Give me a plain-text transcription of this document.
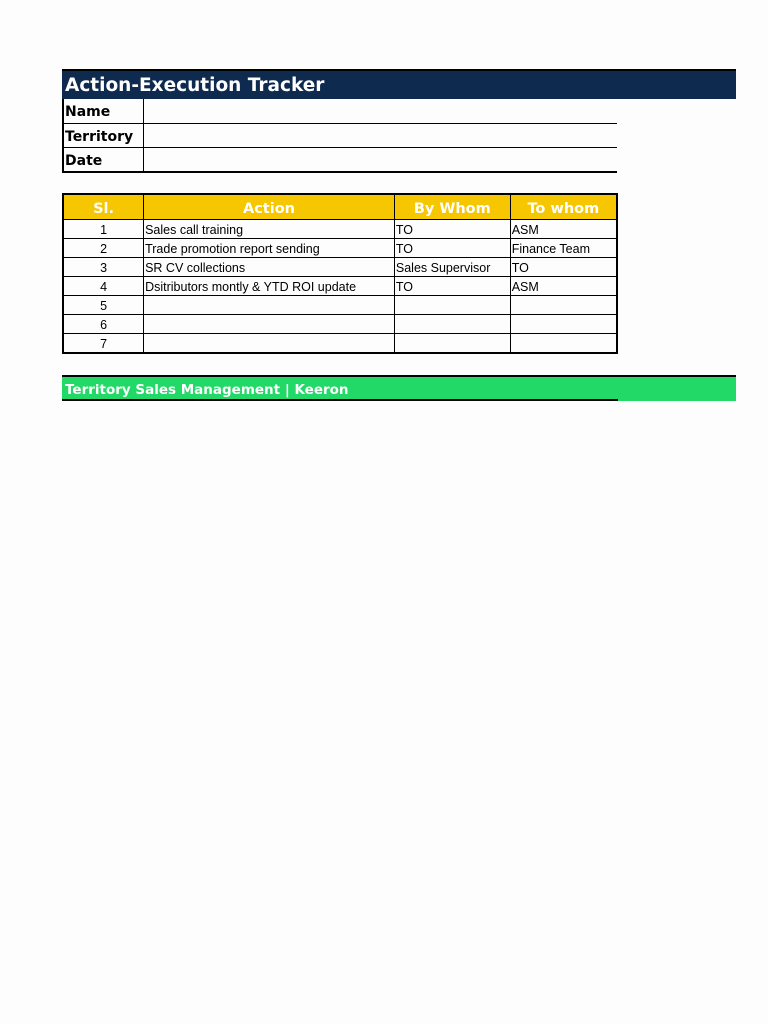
Action-Execution Tracker
Name
Territory
Date
Sl.	Action	By Whom	To whom
1	Sales call training	TO	ASM
2	Trade promotion report sending	TO	Finance Team
3	SR CV collections	Sales Supervisor	TO
4	Dsitributors montly & YTD ROI update	TO	ASM
5			
6			
7			
Territory Sales Management | Keeron
